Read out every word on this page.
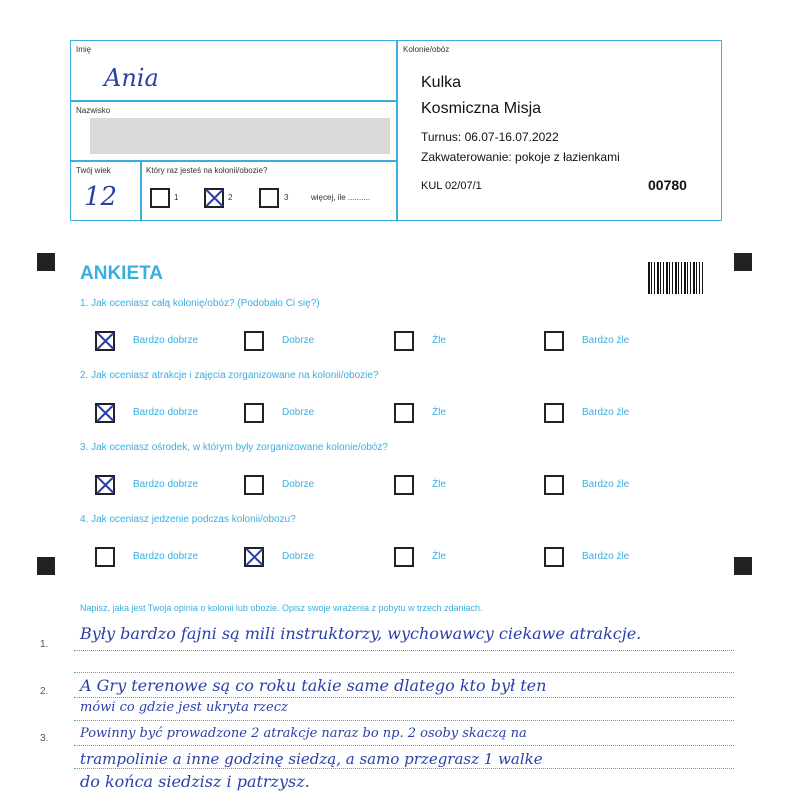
Imię
Ania
Nazwisko
Twój wiek
12
Który raz jesteś na kolonii/obozie?
1	2	3	więcej, ile ..........
Kolonie/obóz
Kulka
Kosmiczna Misja
Turnus: 06.07-16.07.2022
Zakwaterowanie: pokoje z łazienkami
KUL 02/07/1	00780
ANKIETA
1. Jak oceniasz całą kolonię/obóz? (Podobało Ci się?)
Bardzo dobrze	Dobrze	Źle	Bardzo źle
2. Jak oceniasz atrakcje i zajęcia zorganizowane na kolonii/obozie?
Bardzo dobrze	Dobrze	Źle	Bardzo źle
3. Jak oceniasz ośrodek, w którym były zorganizowane kolonie/obóz?
Bardzo dobrze	Dobrze	Źle	Bardzo źle
4. Jak oceniasz jedzenie podczas kolonii/obozu?
Bardzo dobrze	Dobrze	Źle	Bardzo źle
Napisz, jaka jest Twoja opinia o kolonii lub obozie. Opisz swoje wrażenia z pobytu w trzech zdaniach.
1.
2.
3.
Były bardzo fajni są mili instruktorzy, wychowawcy ciekawe atrakcje.
A Gry terenowe są co roku takie same dlatego kto był ten
mówi co gdzie jest ukryta rzecz
Powinny być prowadzone 2 atrakcje naraz bo np. 2 osoby skaczą na
trampolinie a inne godzinę siedzą, a samo przegrasz 1 walke
do końca siedzisz i patrzysz.
